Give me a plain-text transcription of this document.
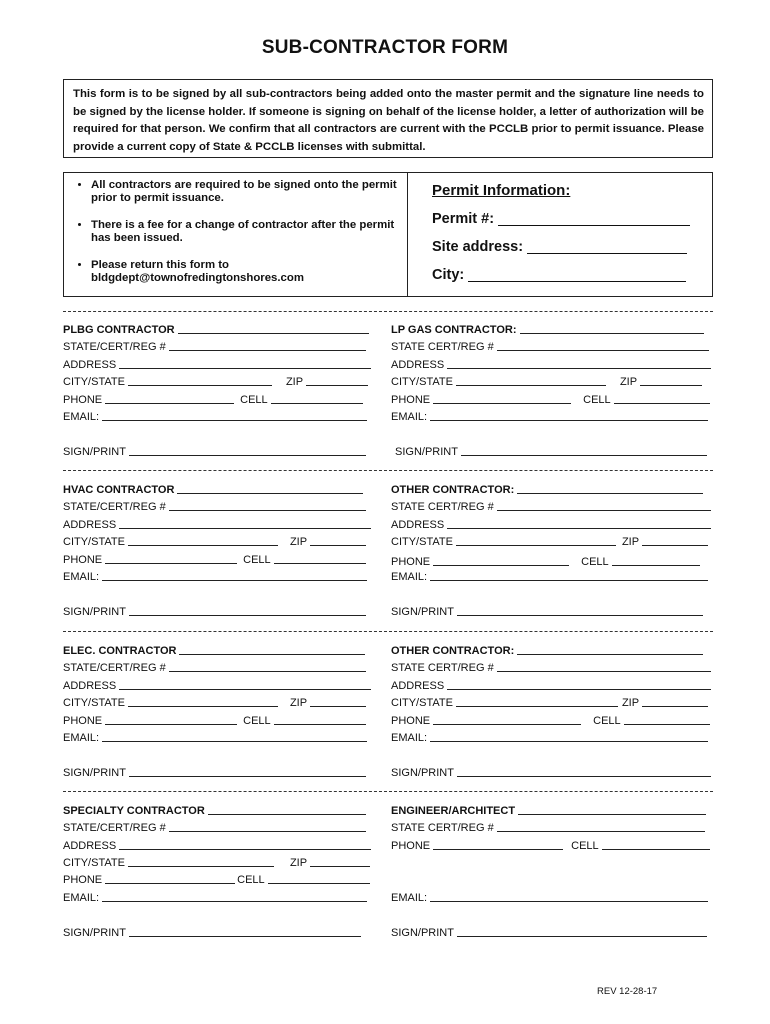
SUB-CONTRACTOR FORM
This form is to be signed by all sub-contractors being added onto the master permit and the signature line needs to be signed by the license holder. If someone is signing on behalf of the license holder, a letter of authorization will be required for that person. We confirm that all contractors are current with the PCCLB prior to permit issuance. Please provide a current copy of State & PCCLB licenses with submittal.
• All contractors are required to be signed onto the permit prior to permit issuance.
• There is a fee for a change of contractor after the permit has been issued.
• Please return this form to bldgdept@townofredingtonshores.com
Permit Information:
Permit #:
Site address:
City:
PLBG CONTRACTOR
STATE/CERT/REG #
ADDRESS
CITY/STATE	ZIP
PHONE	CELL
EMAIL:
SIGN/PRINT
LP GAS CONTRACTOR:
STATE CERT/REG #
ADDRESS
CITY/STATE	ZIP
PHONE	CELL
EMAIL:
SIGN/PRINT
HVAC CONTRACTOR
STATE/CERT/REG #
ADDRESS
CITY/STATE	ZIP
PHONE	CELL
EMAIL:
SIGN/PRINT
OTHER CONTRACTOR:
STATE CERT/REG #
ADDRESS
CITY/STATE	ZIP
PHONE	CELL
EMAIL:
SIGN/PRINT
ELEC. CONTRACTOR
STATE/CERT/REG #
ADDRESS
CITY/STATE	ZIP
PHONE	CELL
EMAIL:
SIGN/PRINT
OTHER CONTRACTOR:
STATE CERT/REG #
ADDRESS
CITY/STATE	ZIP
PHONE	CELL
EMAIL:
SIGN/PRINT
SPECIALTY CONTRACTOR
STATE/CERT/REG #
ADDRESS
CITY/STATE	ZIP
PHONE	CELL
EMAIL:
SIGN/PRINT
ENGINEER/ARCHITECT
STATE CERT/REG #
PHONE	CELL
EMAIL:
SIGN/PRINT
REV 12-28-17
